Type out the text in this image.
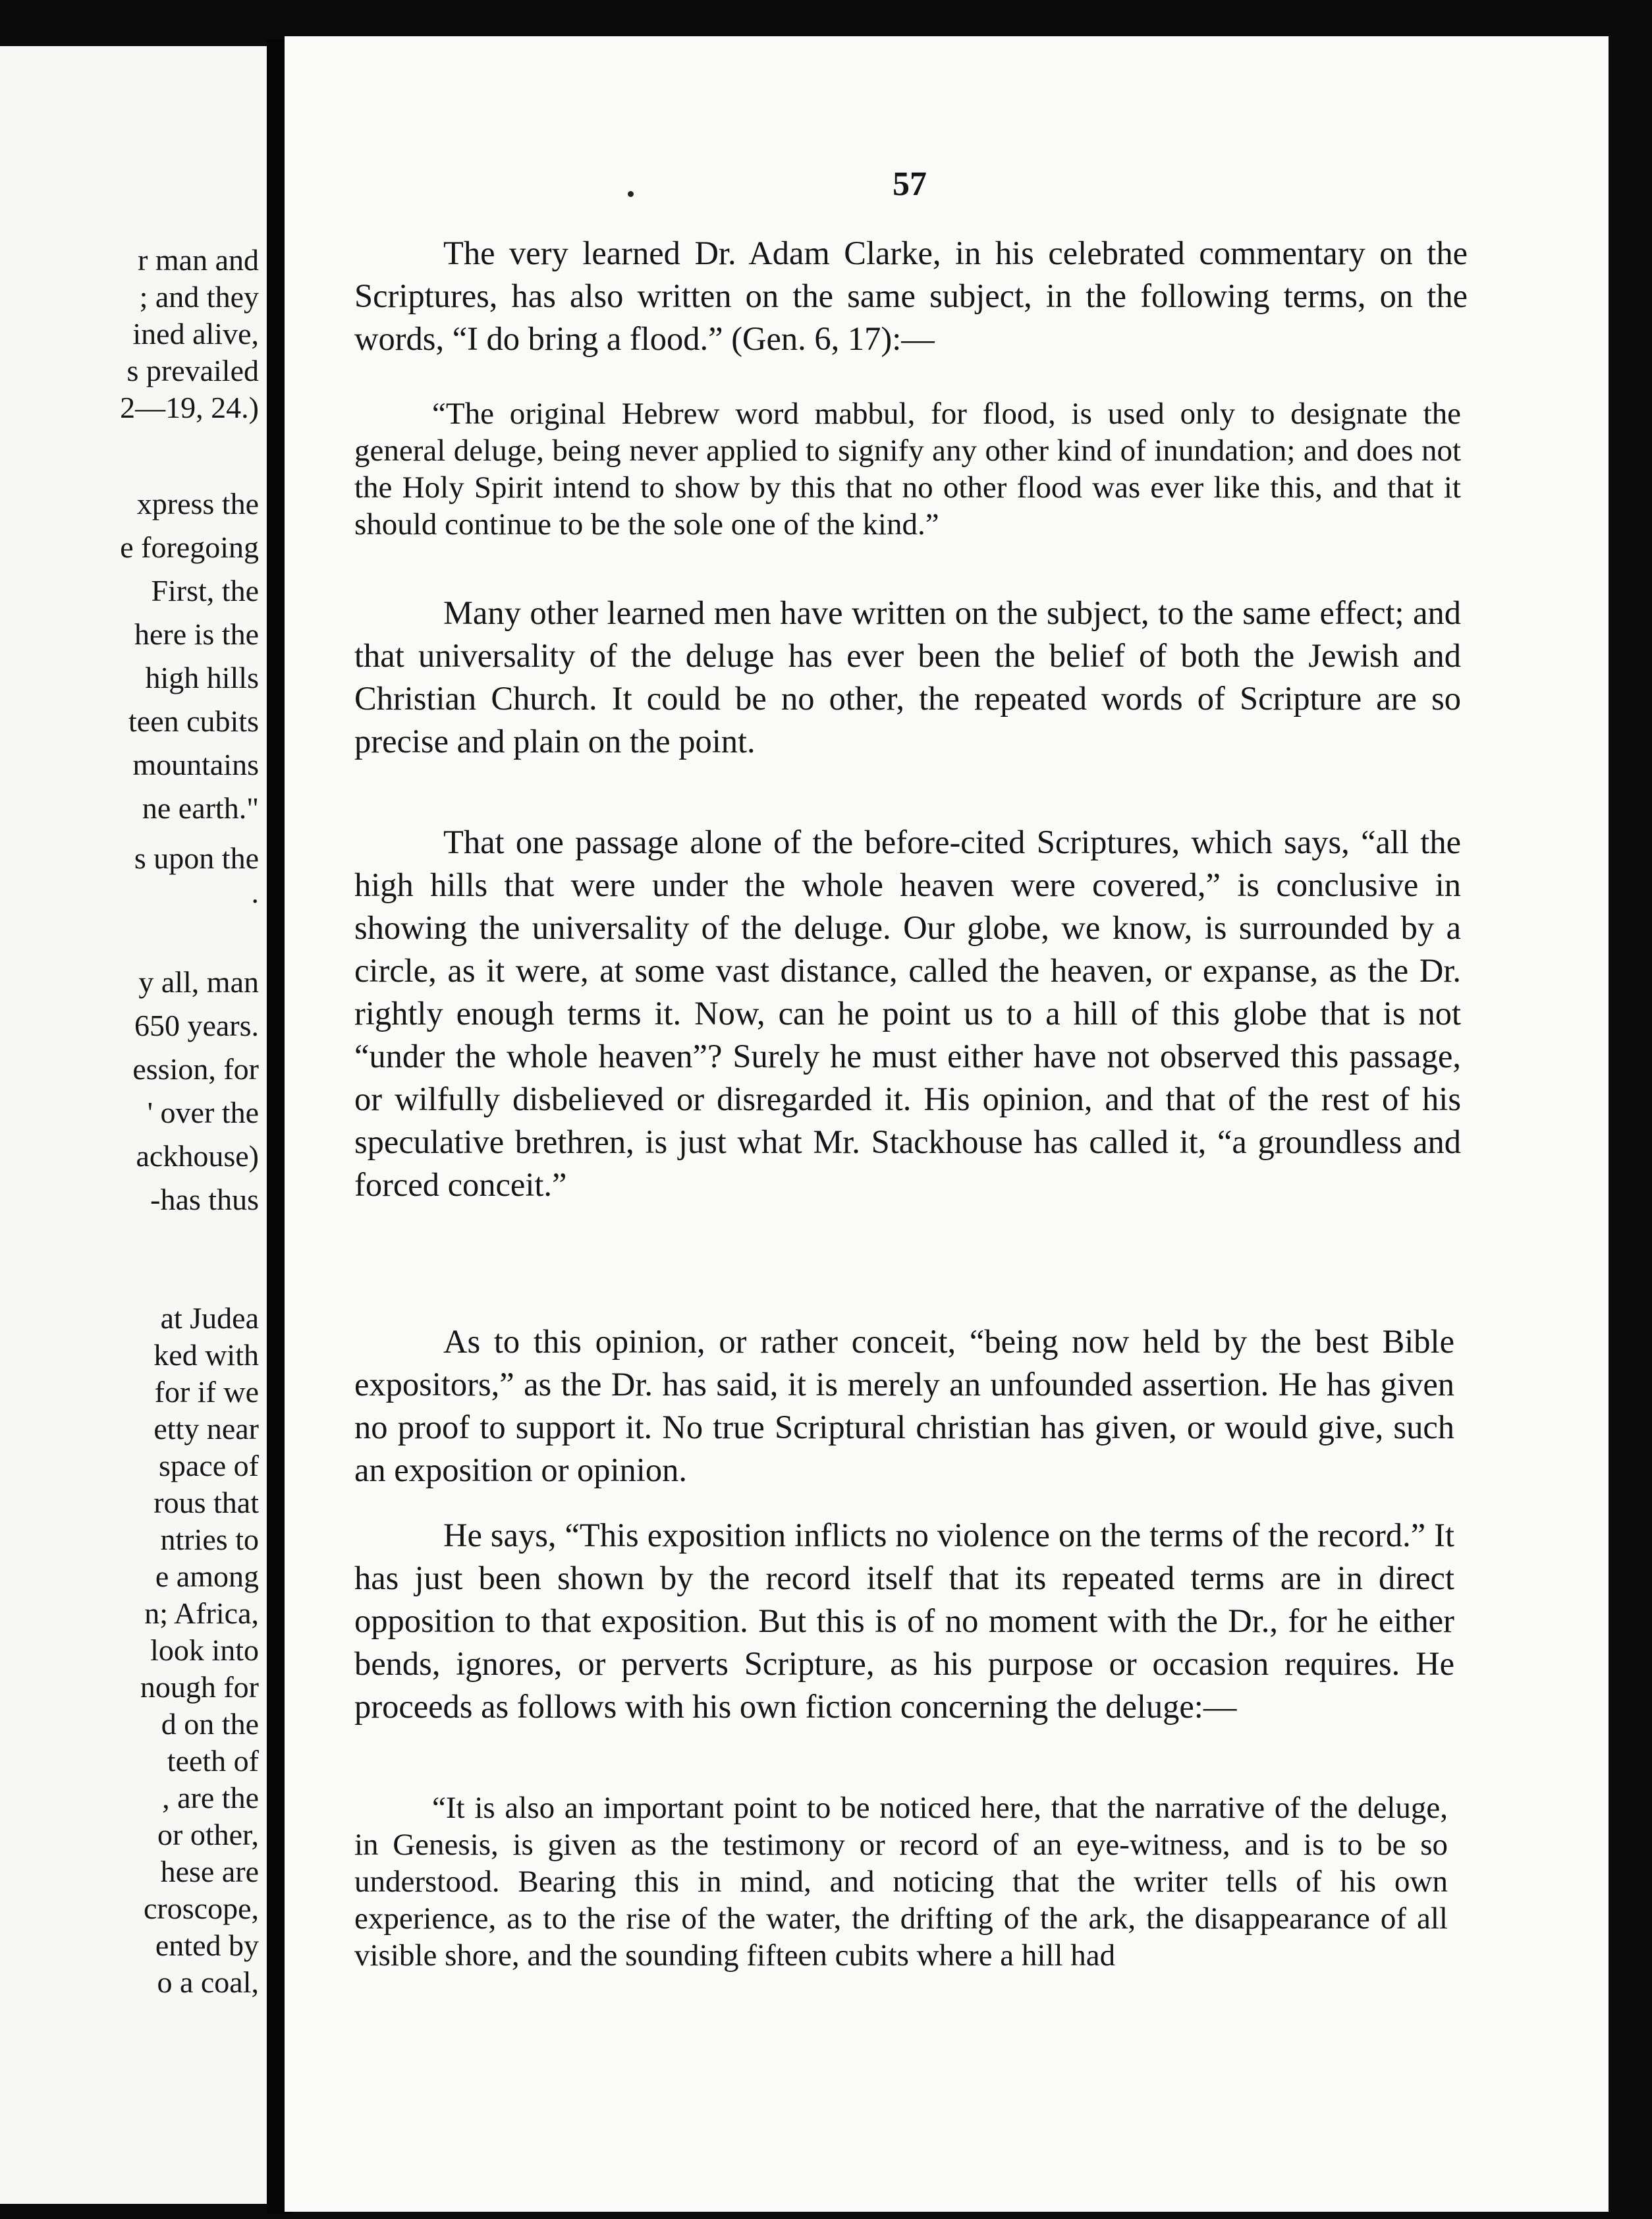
r man and
; and they
ined alive,
s prevailed
2—19, 24.)
xpress the
e foregoing
First, the
here is the
high hills
teen cubits
mountains
ne earth."
s upon the
.
y all, man
650 years.
ession, for
' over the
ackhouse)
-has thus
at Judea
ked with
for if we
etty near
space of
rous that
ntries to
e among
n; Africa,
look into
nough for
d on the
teeth of
, are the
or other,
hese are
croscope,
ented by
o a coal,
57

The very learned Dr. Adam Clarke, in his celebrated commentary on the Scriptures, has also written on the same subject, in the following terms, on the words, “I do bring a flood.” (Gen. 6, 17):—

“The original Hebrew word mabbul, for flood, is used only to designate the general deluge, being never applied to signify any other kind of inundation; and does not the Holy Spirit intend to show by this that no other flood was ever like this, and that it should continue to be the sole one of the kind.”

Many other learned men have written on the subject, to the same effect; and that universality of the deluge has ever been the belief of both the Jewish and Christian Church. It could be no other, the repeated words of Scripture are so precise and plain on the point.

That one passage alone of the before-cited Scriptures, which says, “all the high hills that were under the whole heaven were covered,” is conclusive in showing the universality of the deluge. Our globe, we know, is surrounded by a circle, as it were, at some vast distance, called the heaven, or expanse, as the Dr. rightly enough terms it. Now, can he point us to a hill of this globe that is not “under the whole heaven”? Surely he must either have not observed this passage, or wilfully disbelieved or disregarded it. His opinion, and that of the rest of his speculative brethren, is just what Mr. Stackhouse has called it, “a groundless and forced conceit.”

As to this opinion, or rather conceit, “being now held by the best Bible expositors,” as the Dr. has said, it is merely an unfounded assertion. He has given no proof to support it. No true Scriptural christian has given, or would give, such an exposition or opinion.

He says, “This exposition inflicts no violence on the terms of the record.” It has just been shown by the record itself that its repeated terms are in direct opposition to that exposition. But this is of no moment with the Dr., for he either bends, ignores, or perverts Scripture, as his purpose or occasion requires. He proceeds as follows with his own fiction concerning the deluge:—

“It is also an important point to be noticed here, that the narrative of the deluge, in Genesis, is given as the testimony or record of an eye-witness, and is to be so understood. Bearing this in mind, and noticing that the writer tells of his own experience, as to the rise of the water, the drifting of the ark, the disappearance of all visible shore, and the sounding fifteen cubits where a hill had
